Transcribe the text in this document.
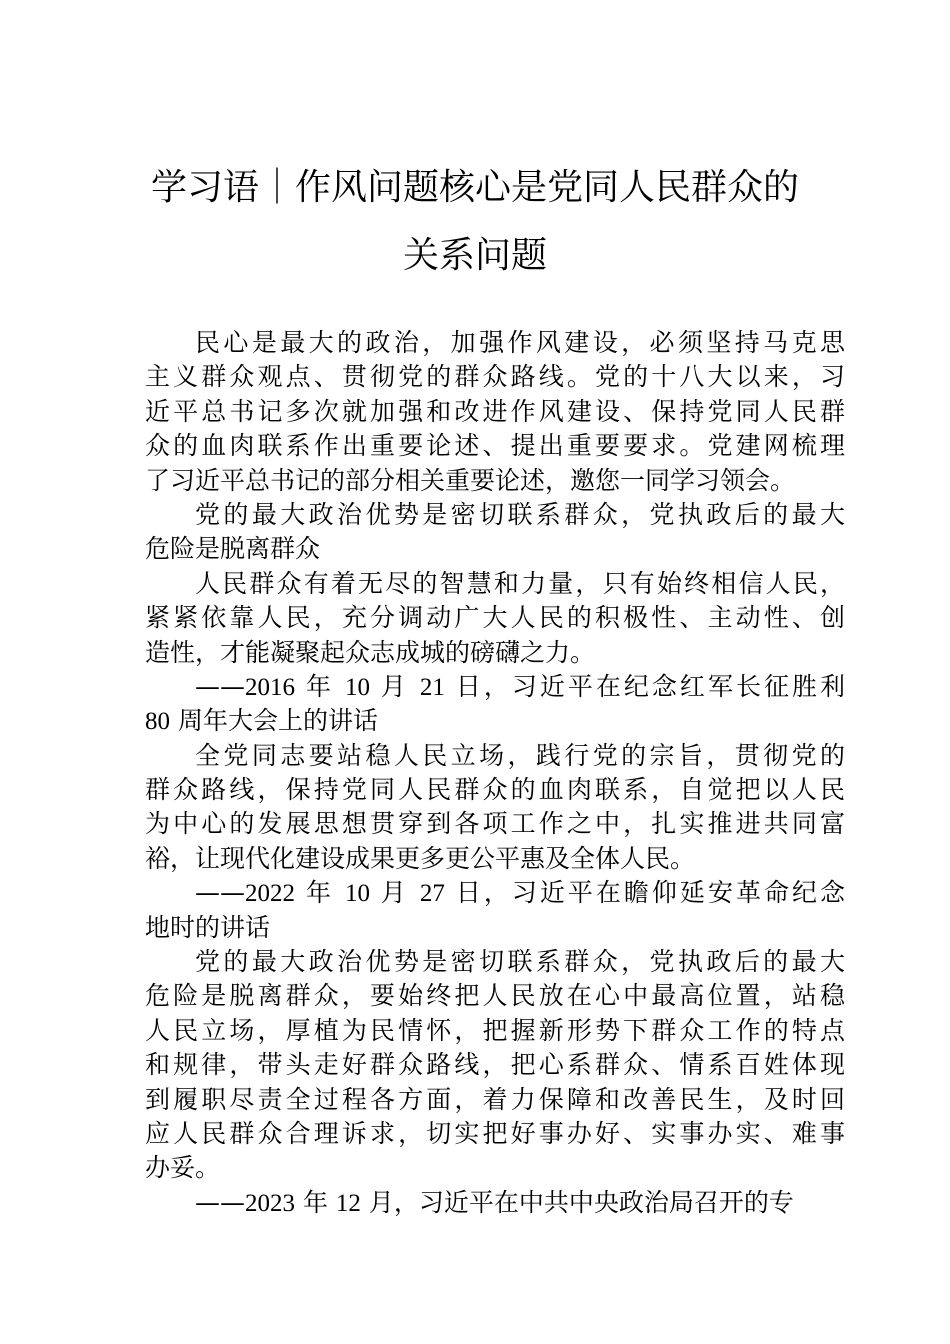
学习语｜作风问题核心是党同人民群众的
关系问题
民心是最大的政治，加强作风建设，必须坚持马克思
主义群众观点、贯彻党的群众路线。党的十八大以来，习
近平总书记多次就加强和改进作风建设、保持党同人民群
众的血肉联系作出重要论述、提出重要要求。党建网梳理
了习近平总书记的部分相关重要论述，邀您一同学习领会。
党的最大政治优势是密切联系群众，党执政后的最大
危险是脱离群众
人民群众有着无尽的智慧和力量，只有始终相信人民，
紧紧依靠人民，充分调动广大人民的积极性、主动性、创
造性，才能凝聚起众志成城的磅礴之力。
——2016 年 10 月 21 日，习近平在纪念红军长征胜利
80 周年大会上的讲话
全党同志要站稳人民立场，践行党的宗旨，贯彻党的
群众路线，保持党同人民群众的血肉联系，自觉把以人民
为中心的发展思想贯穿到各项工作之中，扎实推进共同富
裕，让现代化建设成果更多更公平惠及全体人民。
——2022 年 10 月 27 日，习近平在瞻仰延安革命纪念
地时的讲话
党的最大政治优势是密切联系群众，党执政后的最大
危险是脱离群众，要始终把人民放在心中最高位置，站稳
人民立场，厚植为民情怀，把握新形势下群众工作的特点
和规律，带头走好群众路线，把心系群众、情系百姓体现
到履职尽责全过程各方面，着力保障和改善民生，及时回
应人民群众合理诉求，切实把好事办好、实事办实、难事
办妥。
——2023 年 12 月，习近平在中共中央政治局召开的专
